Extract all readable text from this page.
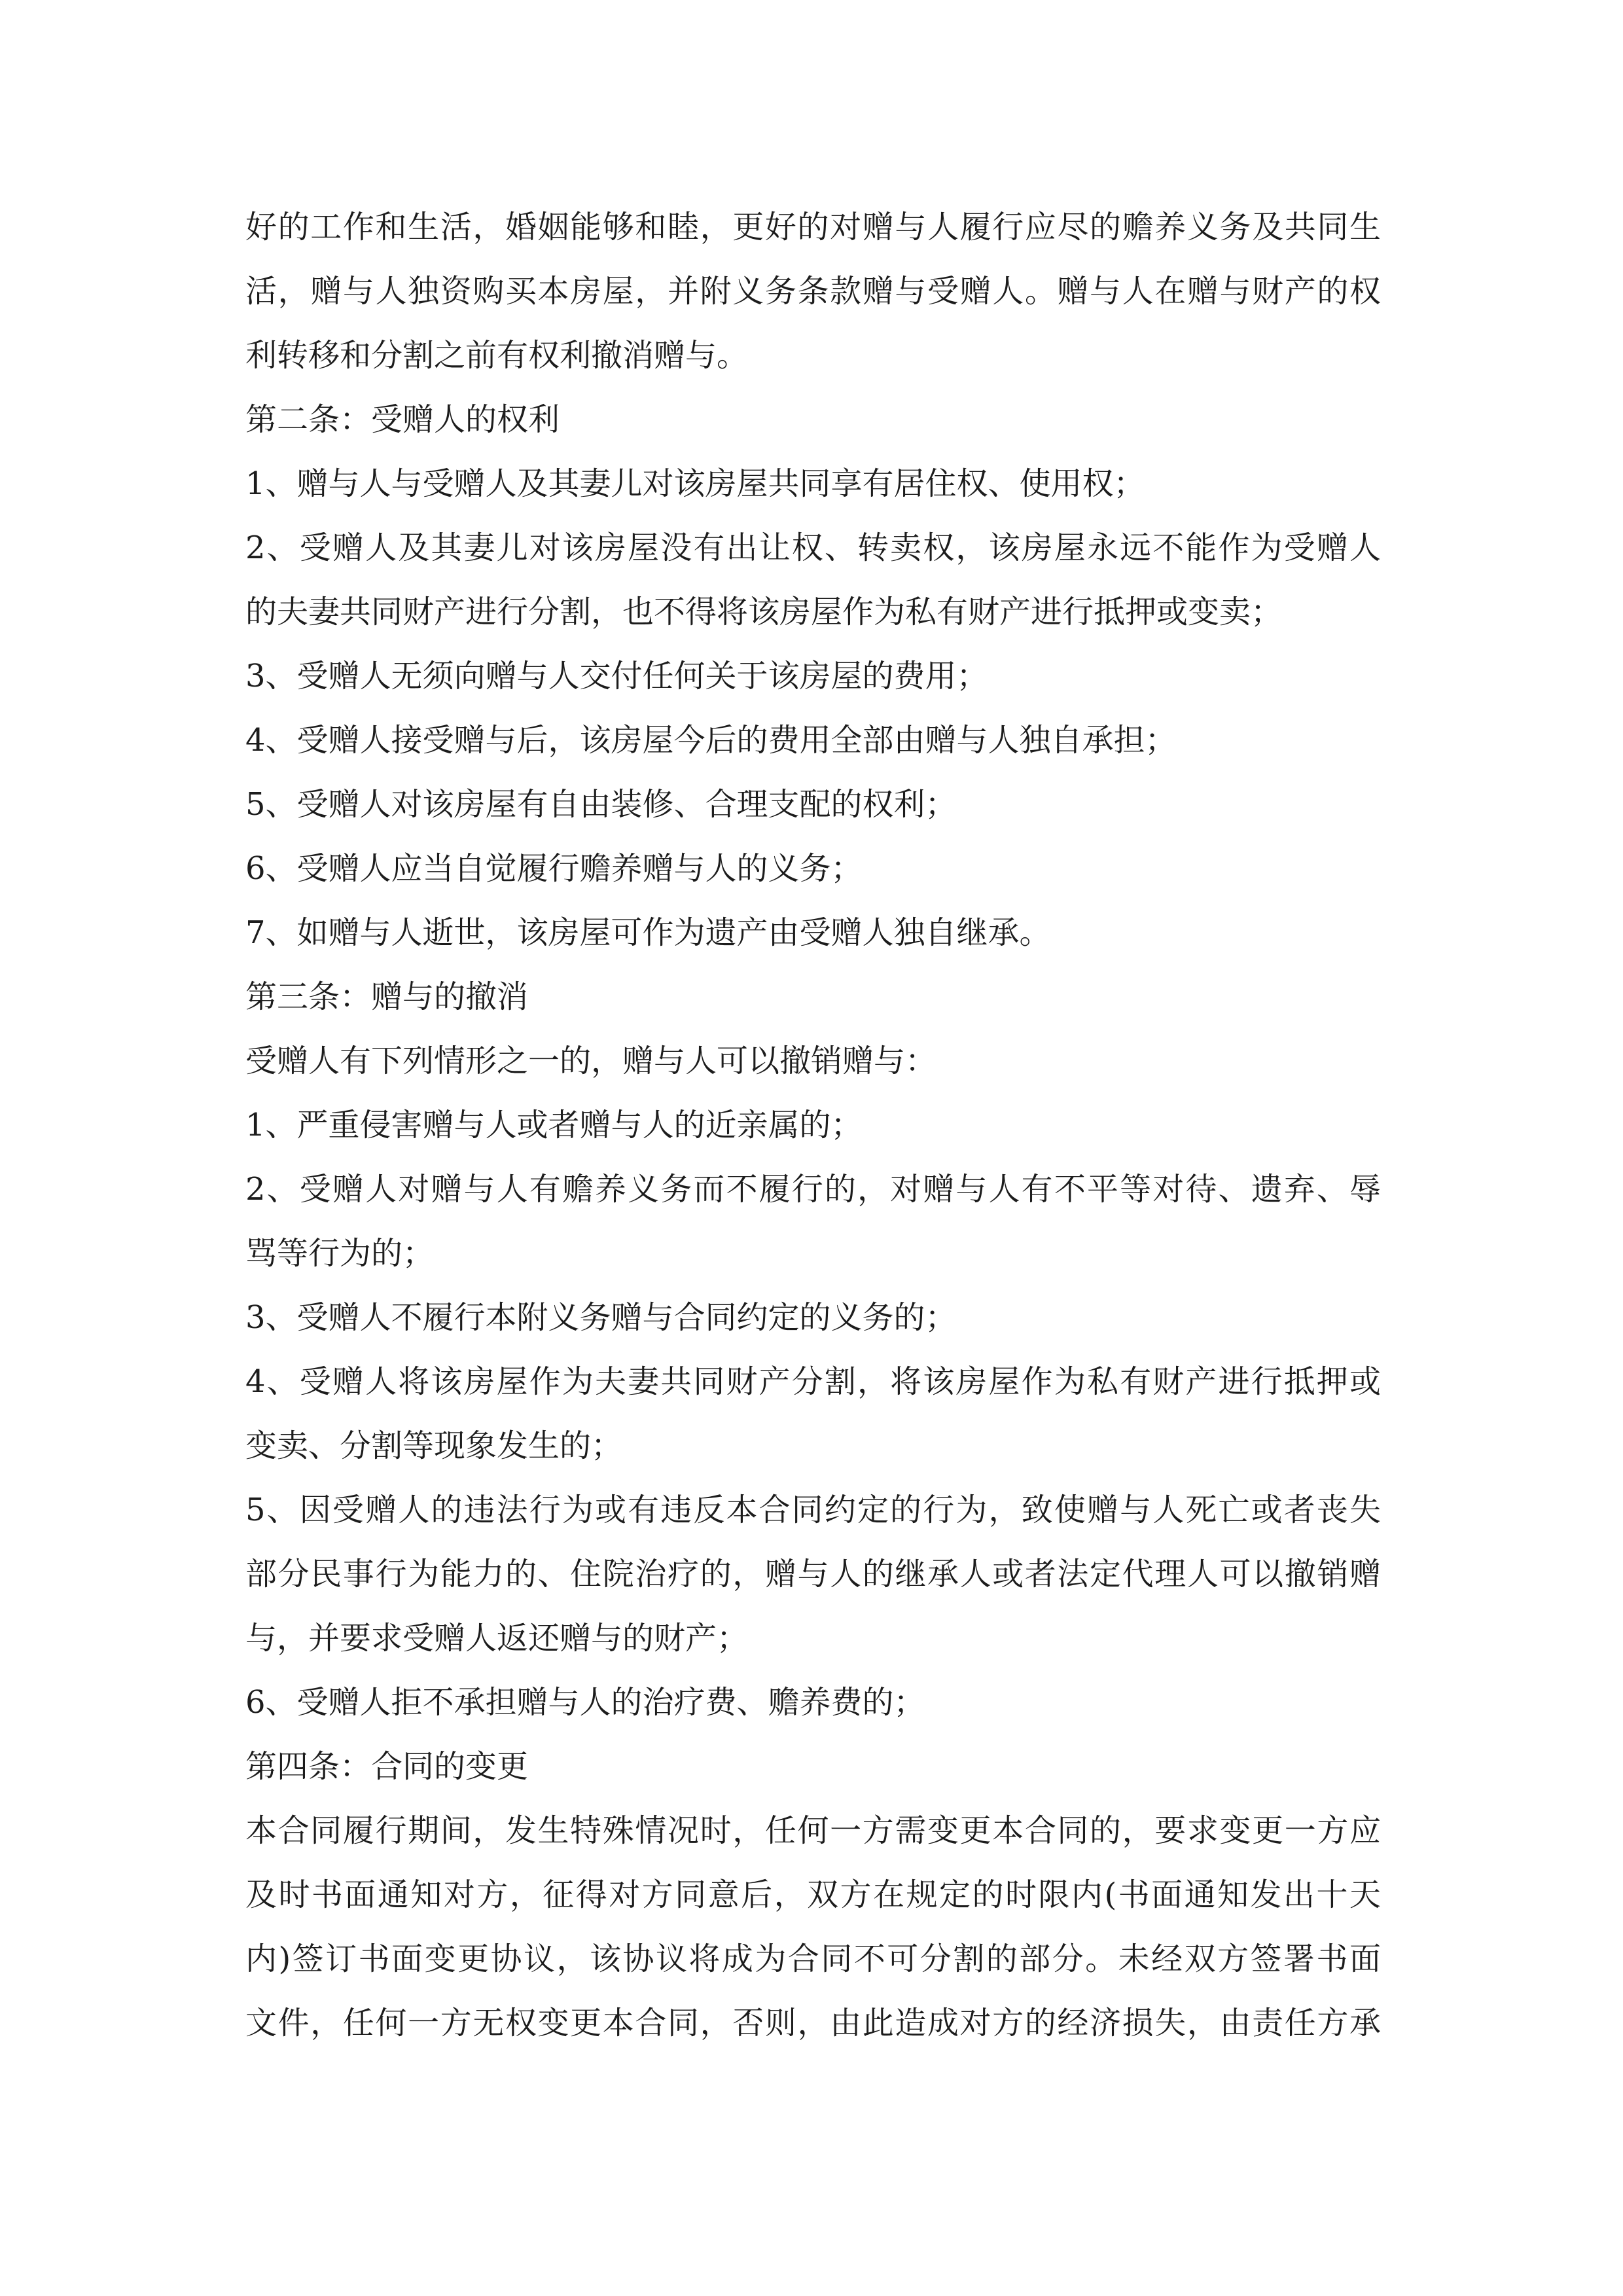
好的工作和生活，婚姻能够和睦，更好的对赠与人履行应尽的赡养义务及共同生
活，赠与人独资购买本房屋，并附义务条款赠与受赠人。赠与人在赠与财产的权
利转移和分割之前有权利撤消赠与。
第二条：受赠人的权利
1、赠与人与受赠人及其妻儿对该房屋共同享有居住权、使用权；
2、受赠人及其妻儿对该房屋没有出让权、转卖权，该房屋永远不能作为受赠人
的夫妻共同财产进行分割，也不得将该房屋作为私有财产进行抵押或变卖；
3、受赠人无须向赠与人交付任何关于该房屋的费用；
4、受赠人接受赠与后，该房屋今后的费用全部由赠与人独自承担；
5、受赠人对该房屋有自由装修、合理支配的权利；
6、受赠人应当自觉履行赡养赠与人的义务；
7、如赠与人逝世，该房屋可作为遗产由受赠人独自继承。
第三条：赠与的撤消
受赠人有下列情形之一的，赠与人可以撤销赠与：
1、严重侵害赠与人或者赠与人的近亲属的；
2、受赠人对赠与人有赡养义务而不履行的，对赠与人有不平等对待、遗弃、辱
骂等行为的；
3、受赠人不履行本附义务赠与合同约定的义务的；
4、受赠人将该房屋作为夫妻共同财产分割，将该房屋作为私有财产进行抵押或
变卖、分割等现象发生的；
5、因受赠人的违法行为或有违反本合同约定的行为，致使赠与人死亡或者丧失
部分民事行为能力的、住院治疗的，赠与人的继承人或者法定代理人可以撤销赠
与，并要求受赠人返还赠与的财产；
6、受赠人拒不承担赠与人的治疗费、赡养费的；
第四条：合同的变更
本合同履行期间，发生特殊情况时，任何一方需变更本合同的，要求变更一方应
及时书面通知对方，征得对方同意后，双方在规定的时限内(书面通知发出十天
内)签订书面变更协议，该协议将成为合同不可分割的部分。未经双方签署书面
文件，任何一方无权变更本合同，否则，由此造成对方的经济损失，由责任方承
